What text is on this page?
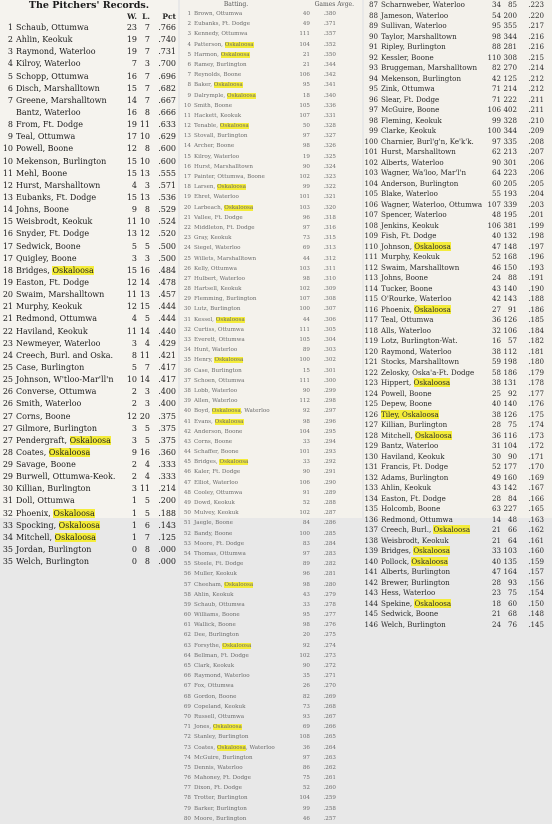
The Pitchers' Records.
W. L.	Pct
1 Schaub, Ottumwa	23 7	.766
2 Ahlin, Keokuk	19 7	.740
3 Raymond, Waterloo	19 7	.731
4 Kilroy, Waterloo	7 3	.700
5 Schopp, Ottumwa	16 7	.696
6 Disch, Marshalltown	15 7	.682
7 Greene, Marshalltown	14 7	.667
Bantz, Waterloo	16 8	.666
8 From, Ft. Dodge	19 11	.633
9 Teal, Ottumwa	17 10	.629
10 Powell, Boone	12 8	.600
10 Mekenson, Burlington	15 10	.600
11 Mehl, Boone	15 13	.555
12 Hurst, Marshalltown	4 3	.571
13 Eubanks, Ft. Dodge	15 13	.536
14 Johns, Boone	9 8	.529
15 Weisbrodt, Keokuk	11 10	.524
16 Snyder, Ft. Dodge	13 12	.520
17 Sedwick, Boone	5 5	.500
17 Quigley, Boone	3 3	.500
18 Bridges, Oskaloosa	15 16	.484
19 Easton, Ft. Dodge	12 14	.478
20 Swaim, Marshalltown	11 13	.457
21 Murphy, Keokuk	12 15	.444
21 Redmond, Ottumwa	4 5	.444
22 Haviland, Keokuk	11 14	.440
23 Newmeyer, Waterloo	3 4	.429
24 Creech, Burl. and Oska.	8 11	.421
25 Case, Burlington	5 7	.417
25 Johnson, W'tloo-Mar'll'n	10 14	.417
26 Converse, Ottumwa	2 3	.400
26 Smith, Waterloo	2 3	.400
27 Corns, Boone	12 20	.375
27 Gilmore, Burlington	3 5	.375
27 Pendergraft, Oskaloosa	3 5	.375
28 Coates, Oskaloosa	9 16	.360
29 Savage, Boone	2 4	.333
29 Burwell, Ottumwa-Keok.	2 4	.333
30 Killian, Burlington	3 11	.214
31 Doll, Ottumwa	1 5	.200
32 Phoenix, Oskaloosa	1 5	.188
33 Spocking, Oskaloosa	1 6	.143
34 Mitchell, Oskaloosa	1 7	.125
35 Jordan, Burlington	0 8	.000
35 Welch, Burlington	0 8	.000
Batting.	Games Avge.
1 Brown, Ottumwa	40	.380
2 Eubanks, Ft. Dodge	49	.371
3 Kennedy, Ottumwa	111	.357
4 Patterson, Oskaloosa	104	.352
5 Harmon, Oskaloosa	21	.350
6 Ramey, Burlington	21	.344
7 Reynolds, Boone	106	.342
8 Baker, Oskaloosa	95	.341
9 Dalrymple, Oskaloosa	18	.340
10 Smith, Boone	105	.336
11 Hackett, Keokuk	107	.331
12 Tenable, Oskaloosa	50	.328
13 Stovall, Burlington	97	.327
14 Archer, Boone	98	.326
15 Kilroy, Waterloo	19	.325
16 Hurst, Marshalltown	90	.324
17 Painter, Ottumwa, Boone	102	.323
18 Larsen, Oskaloosa	99	.322
19 Ehret, Waterloo	101	.321
20 Larbeach, Oskaloosa	103	.320
21 Vallee, Ft. Dodge	96	.318
22 Middleton, Ft. Dodge	97	.316
23 Gray, Keokuk	73	.315
24 Siegel, Waterloo	69	.313
25 Willets, Marshalltown	44	.312
26 Kelly, Ottumwa	103	.311
27 Hulbert, Waterloo	98	.310
28 Hartsell, Keokuk	102	.309
29 Flemming, Burlington	107	.308
30 Lutz, Burlington	100	.307
31 Kessel, Oskaloosa	44	.306
32 Curtiss, Ottumwa	111	.305
33 Everett, Ottumwa	105	.304
34 Hunt, Waterloo	89	.303
35 Henry, Oskaloosa	100	.302
36 Case, Burlington	15	.301
37 Schoen, Ottumwa	111	.300
38 Lobb, Waterloo	90	.299
39 Allen, Waterloo	112	.298
40 Boyd, Oskaloosa, Waterloo	92	.297
41 Evans, Oskaloosa	98	.296
42 Anderson, Boone	104	.295
43 Corns, Boone	33	.294
44 Schaffer, Boone	101	.293
45 Bridges, Oskaloosa	33	.292
46 Kaler, Ft. Dodge	90	.291
47 Elliot, Waterloo	106	.290
48 Cooley, Ottumwa	91	.289
49 Dowd, Keokuk	52	.288
50 Mulvey, Keokuk	102	.287
51 Jaegle, Boone	84	.286
52 Bandy, Boone	100	.285
53 Moore, Ft. Dodge	83	.284
54 Thomas, Ottumwa	97	.283
55 Steele, Ft. Dodge	89	.282
56 Muller, Keokuk	96	.281
57 Cheeham, Oskaloosa	98	.280
58 Ahlin, Keokuk	43	.279
59 Schaub, Ottumwa	33	.278
60 Williams, Boone	95	.277
61 Wallick, Boone	98	.276
62 Dee, Burlington	20	.275
63 Forsythe, Oskaloosa	92	.274
64 Bellman, Ft. Dodge	102	.273
65 Clark, Keokuk	90	.272
66 Raymond, Waterloo	35	.271
67 Fox, Ottumwa	26	.270
68 Gordon, Boone	82	.269
69 Copeland, Keokuk	73	.268
70 Russell, Ottumwa	93	.267
71 Jones, Oskaloosa	69	.266
72 Stanley, Burlington	108	.265
73 Coates, Oskaloosa, Waterloo	36	.264
74 McGuire, Burlington	97	.263
75 Dennis, Waterloo	86	.262
76 Mahoney, Ft. Dodge	75	.261
77 Dixon, Ft. Dodge	52	.260
78 Trotter, Burlington	104	.259
79 Barker, Burlington	99	.258
80 Moore, Burlington	46	.257
87 Scharnweber, Waterloo	34 85	.223
88 Jameson, Waterloo	54 200	.220
89 Sullivan, Waterloo	95 355	.217
90 Taylor, Marshalltown	98 344	.216
91 Ripley, Burlington	88 281	.216
92 Kessler, Boone	110 308	.215
93 Bruggeman, Marshalltown	82 270	.214
94 Mekenson, Burlington	42 125	.212
95 Zink, Ottumwa	71 214	.212
96 Slear, Ft. Dodge	71 222	.211
97 McGuire, Boone	106 402	.211
98 Fleming, Keokuk	99 328	.210
99 Clarke, Keokuk	100 344	.209
100 Charnier, Burl'g'n, Ke'k'k.	97 335	.208
101 Hurst, Marshalltown	62 213	.207
102 Alberts, Waterloo	90 301	.206
103 Wagner, Wa'loo, Mar'l'n	64 223	.206
104 Anderson, Burlington	60 205	.205
105 Blake, Waterloo	55 193	.204
106 Wagner, Waterloo, Ottumwa 107 339	.203
107 Spencer, Waterloo	48 195	.201
108 Jenkins, Keokuk	106 381	.199
109 Fish, Ft. Dodge	40 132	.198
110 Johnson, Oskaloosa	47 148	.197
111 Murphy, Keokuk	52 168	.196
112 Swaim, Marshalltown	46 150	.193
113 Johns, Boone	24 88	.191
114 Tucker, Boone	43 140	.190
115 O'Rourke, Waterloo	42 143	.188
116 Phoenix, Oskaloosa	27 91	.186
117 Teal, Ottumwa	36 126	.185
118 Alls, Waterloo	32 106	.184
119 Lotz, Burlington-Wat.	16 57	.182
120 Raymond, Waterloo	38 112	.181
121 Stocks, Marshalltown	59 198	.180
122 Zelosky, Oska'a-Ft. Dodge	58 186	.179
123 Hippert, Oskaloosa	38 131	.178
124 Powell, Boone	25 92	.177
125 Depew, Boone	40 140	.176
126 Tiley, Oskaloosa	38 126	.175
127 Killian, Burlington	28 75	.174
128 Mitchell, Oskaloosa	36 116	.173
129 Bantz, Waterloo	31 104	.172
130 Haviland, Keokuk	30 90	.171
131 Francis, Ft. Dodge	52 177	.170
132 Adams, Burlington	49 160	.169
133 Ahlin, Keokuk	43 142	.167
134 Easton, Ft. Dodge	28 84	.166
135 Holcomb, Boone	63 227	.165
136 Redmond, Ottumwa	14 48	.163
137 Creech, Burl., Oskaloosa	21 66	.162
138 Weisbrodt, Keokuk	21 64	.161
139 Bridges, Oskaloosa	33 103	.160
140 Pollock, Oskaloosa	40 135	.159
141 Alberts, Burlington	47 164	.157
142 Brewer, Burlington	28 93	.156
143 Hess, Waterloo	23 75	.154
144 Spekine, Oskaloosa	18 60	.150
145 Sedwick, Boone	21 68	.148
146 Welch, Burlington	24 76	.145
